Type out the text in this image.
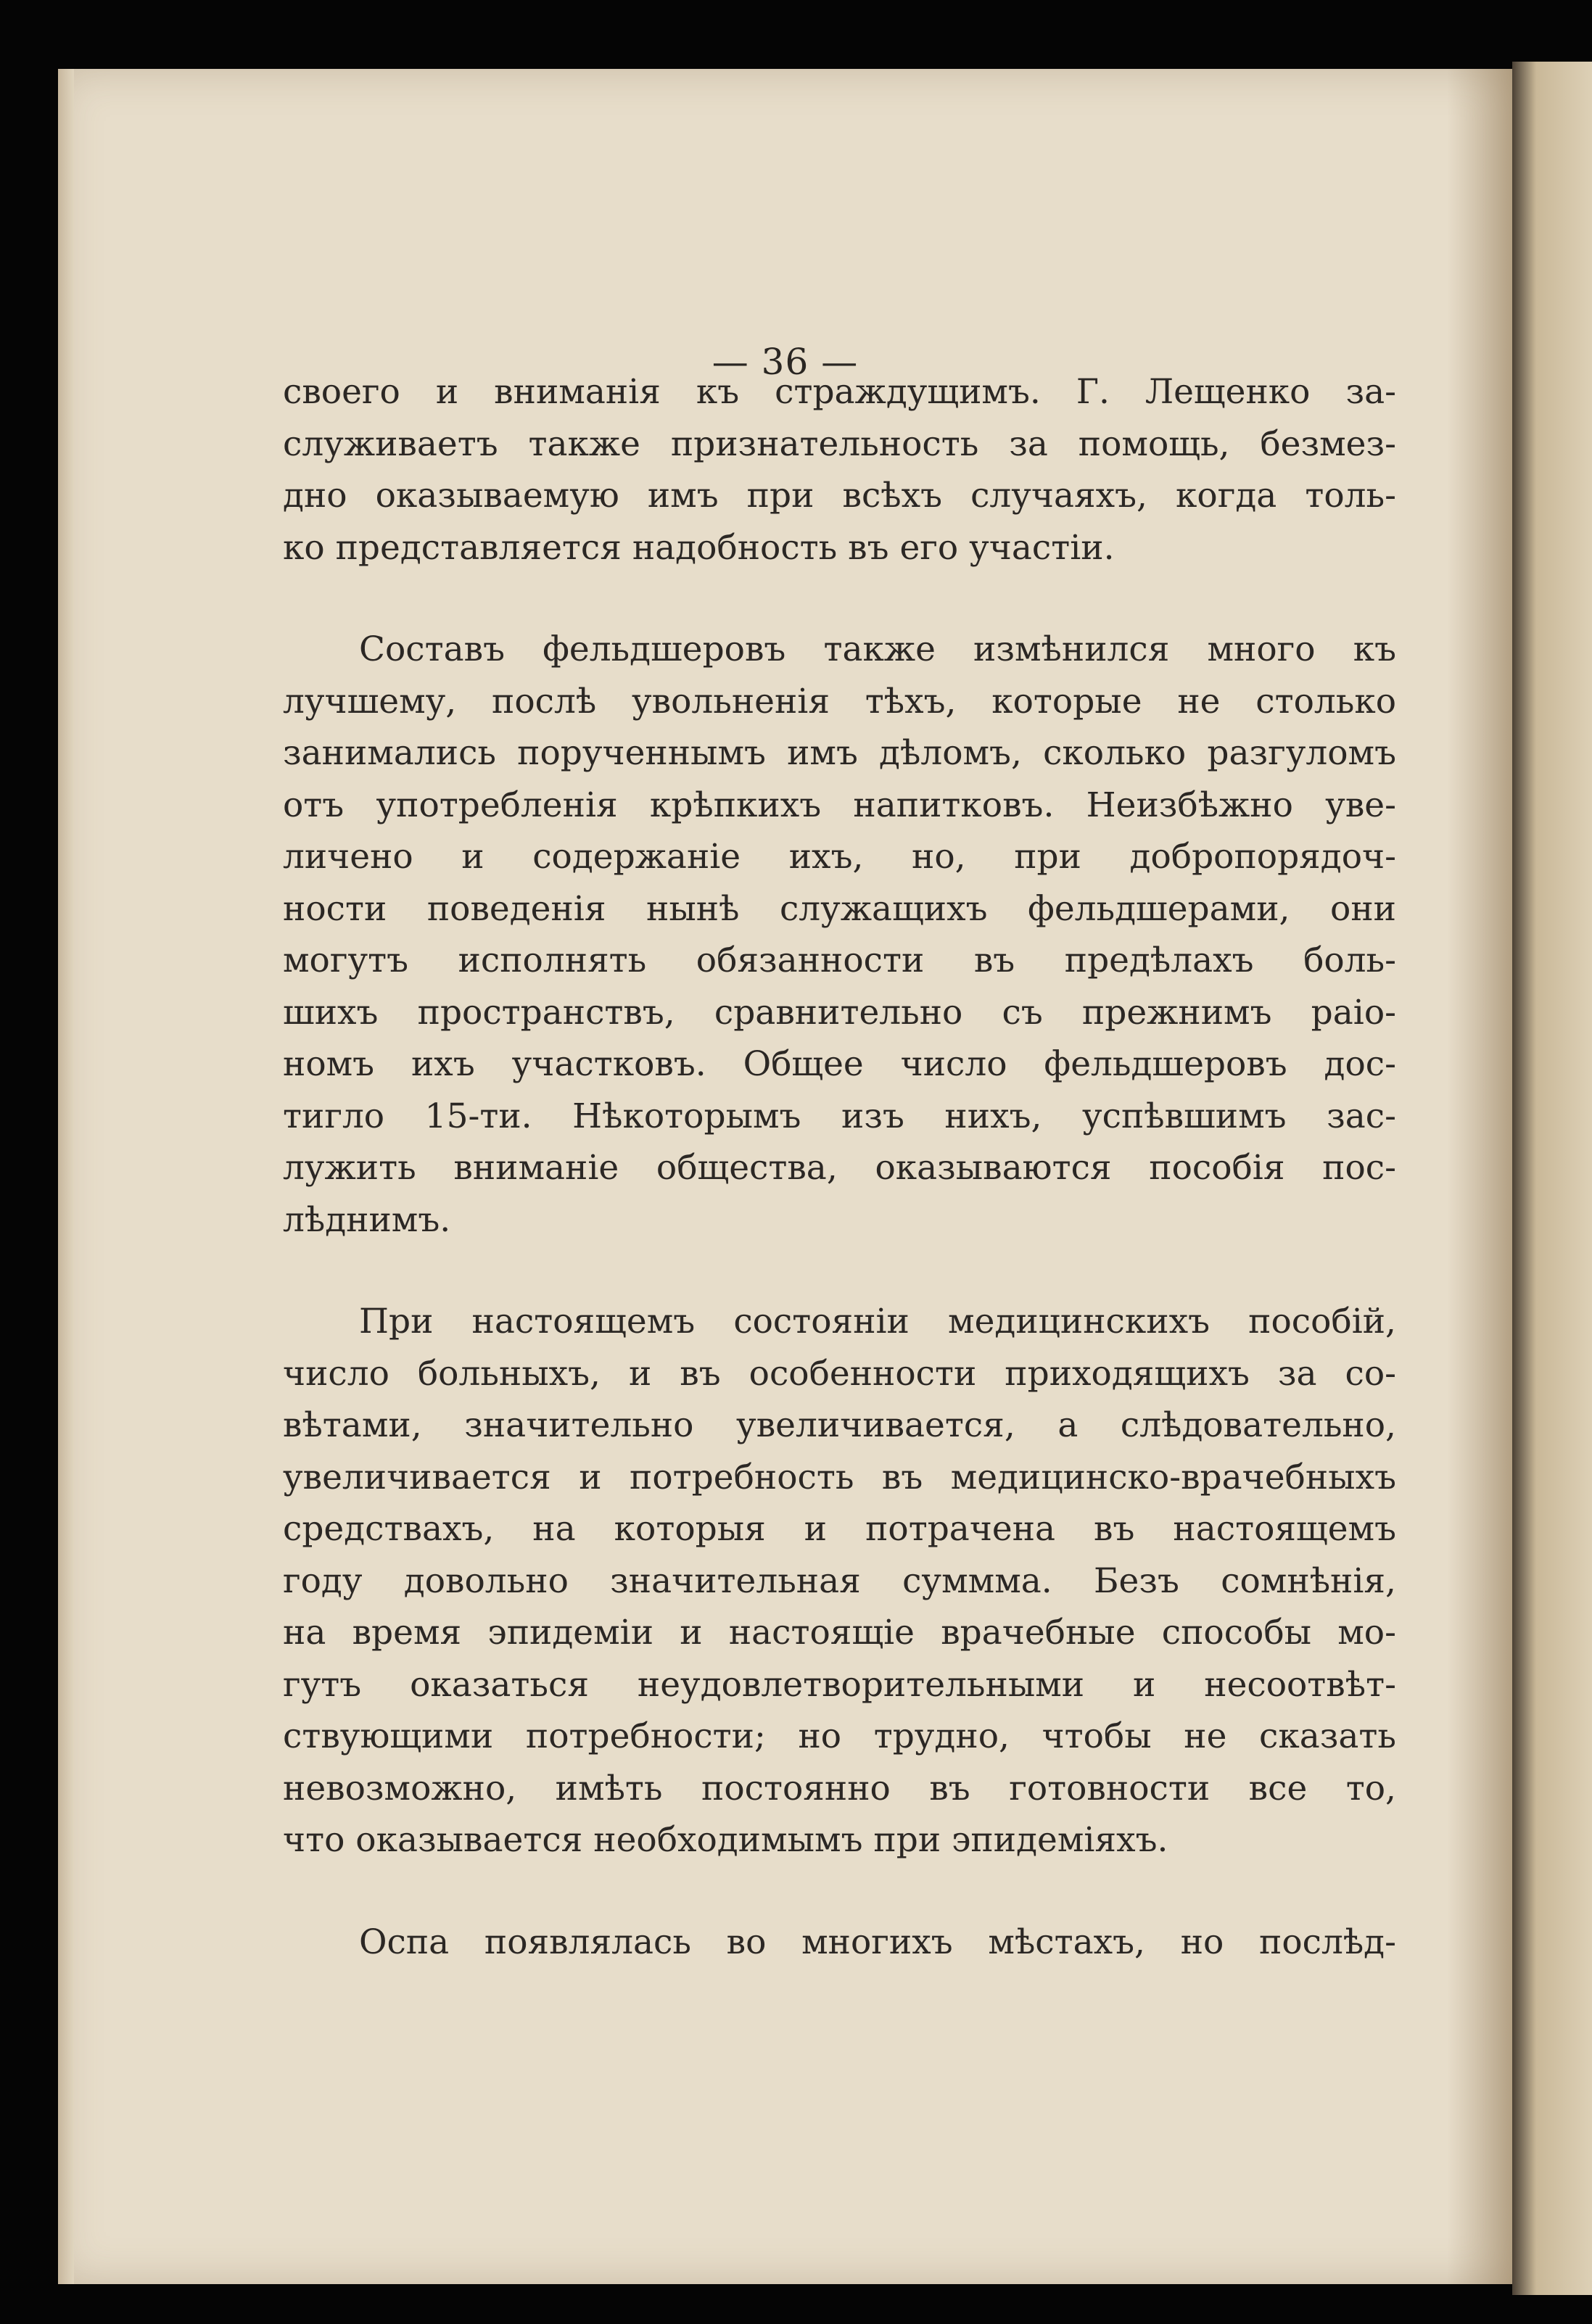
— 36 —
своего и вниманія къ страждущимъ. Г. Лещенко за-
служиваетъ также признательность за помощь, безмез-
дно оказываемую имъ при всѣхъ случаяхъ, когда толь-
ко представляется надобность въ его участіи.
Составъ фельдшеровъ также измѣнился много къ
лучшему, послѣ увольненія тѣхъ, которые не столько
занимались порученнымъ имъ дѣломъ, сколько разгуломъ
отъ употребленія крѣпкихъ напитковъ. Неизбѣжно уве-
личено и содержаніе ихъ, но, при добропорядоч-
ности поведенія нынѣ служащихъ фельдшерами, они
могутъ исполнять обязанности въ предѣлахъ боль-
шихъ пространствъ, сравнительно съ прежнимъ раіо-
номъ ихъ участковъ. Общее число фельдшеровъ дос-
тигло 15-ти. Нѣкоторымъ изъ нихъ, успѣвшимъ зас-
лужить вниманіе общества, оказываются пособія пос-
лѣднимъ.
При настоящемъ состояніи медицинскихъ пособій,
число больныхъ, и въ особенности приходящихъ за со-
вѣтами, значительно увеличивается, а слѣдовательно,
увеличивается и потребность въ медицинско-врачебныхъ
средствахъ, на которыя и потрачена въ настоящемъ
году довольно значительная суммма. Безъ сомнѣнія,
на время эпидеміи и настоящіе врачебные способы мо-
гутъ оказаться неудовлетворительными и несоотвѣт-
ствующими потребности; но трудно, чтобы не сказать
невозможно, имѣть постоянно въ готовности все то,
что оказывается необходимымъ при эпидеміяхъ.
Оспа появлялась во многихъ мѣстахъ, но послѣд-
